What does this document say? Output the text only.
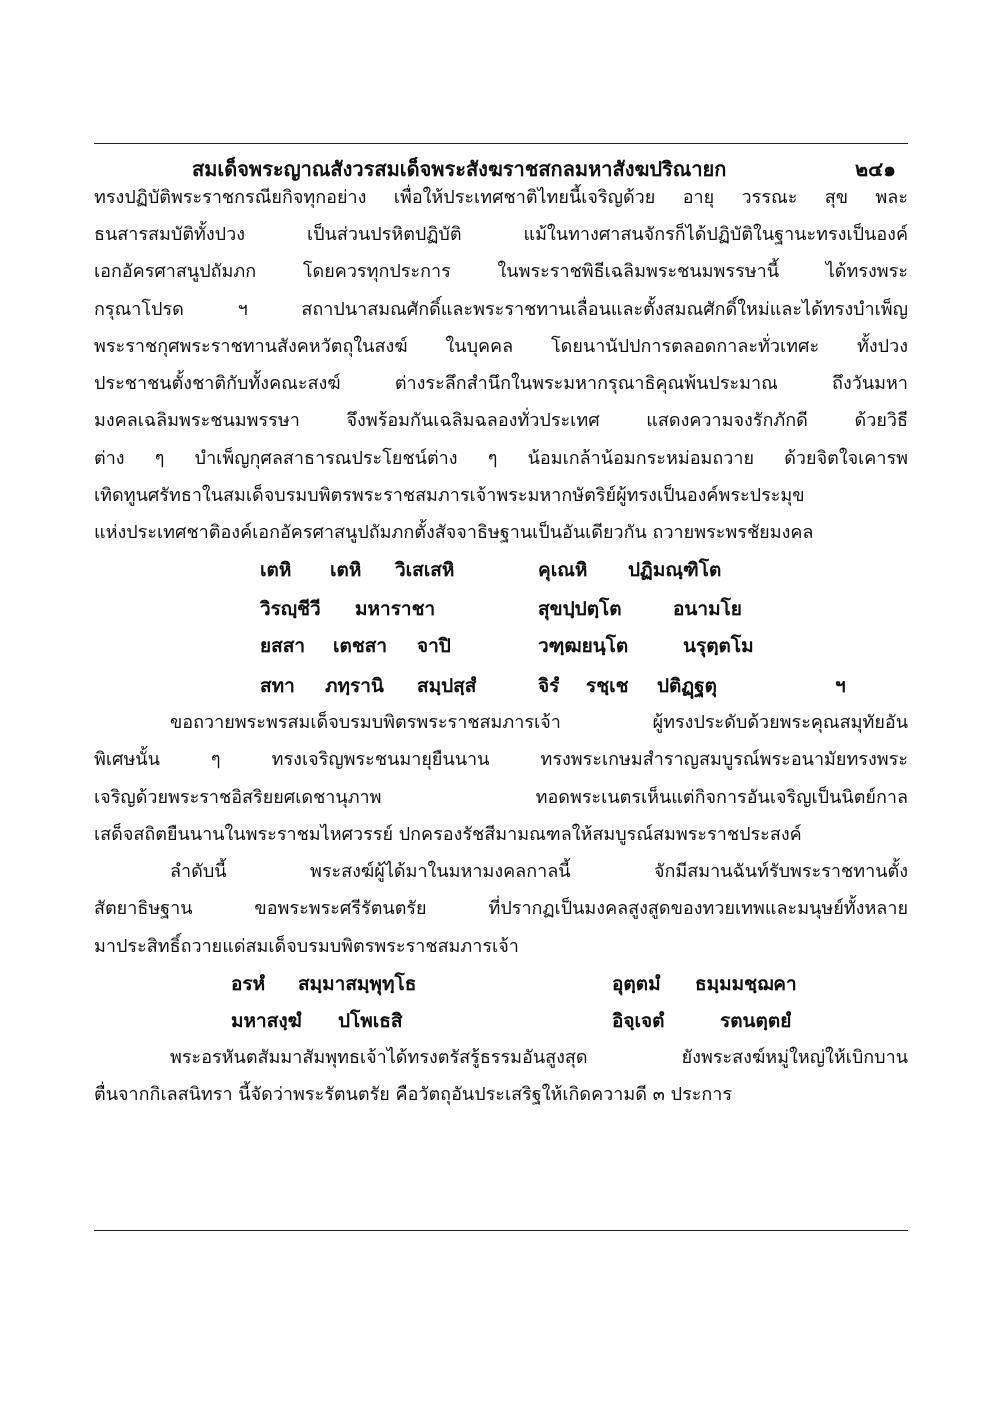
สมเด็จพระญาณสังวรสมเด็จพระสังฆราชสกลมหาสังฆปริณายก	๒๔๑
ทรงปฏิบัติพระราชกรณียกิจทุกอย่าง เพื่อให้ประเทศชาติไทยนี้เจริญด้วย อายุ วรรณะ สุข พละ
ธนสารสมบัติทั้งปวง เป็นส่วนปรหิตปฏิบัติ แม้ในทางศาสนจักรก็ได้ปฏิบัติในฐานะทรงเป็นองค์
เอกอัครศาสนูปถัมภก โดยควรทุกประการ ในพระราชพิธีเฉลิมพระชนมพรรษานี้ ได้ทรงพระ
กรุณาโปรด ฯ สถาปนาสมณศักดิ์และพระราชทานเลื่อนและตั้งสมณศักดิ์ใหม่และได้ทรงบำเพ็ญ
พระราชกุศพระราชทานสังคหวัตถุในสงฆ์ ในบุคคล โดยนานัปปการตลอดกาละทั่วเทศะ ทั้งปวง
ประชาชนตั้งชาติกับทั้งคณะสงฆ์ ต่างระลึกสำนึกในพระมหากรุณาธิคุณพ้นประมาณ ถึงวันมหา
มงคลเฉลิมพระชนมพรรษา จึงพร้อมกันเฉลิมฉลองทั่วประเทศ แสดงความจงรักภักดี ด้วยวิธี
ต่าง ๆ บำเพ็ญกุศลสาธารณประโยชน์ต่าง ๆ น้อมเกล้าน้อมกระหม่อมถวาย ด้วยจิตใจเคารพ
เทิดทูนศรัทธาในสมเด็จบรมบพิตรพระราชสมภารเจ้าพระมหากษัตริย์ผู้ทรงเป็นองค์พระประมุข
แห่งประเทศชาติองค์เอกอัครศาสนูปถัมภกตั้งสัจจาธิษฐานเป็นอันเดียวกัน ถวายพระพรชัยมงคล
เตหิ เตหิ วิเสเสหิ	คุเณหิ ปฏิมณฺฑิโต
วิรญฺชีวี มหาราชา	สุขปฺปตฺโต	อนามโย
ยสสา เตชสา จาปิ	วฑฺฒยนฺโต	นรุตฺตโม
สทา ภทฺรานิ สมฺปสฺสํ	จิรํ รชฺเช ปติฏฺฐตุ	ฯ
ขอถวายพระพรสมเด็จบรมบพิตรพระราชสมภารเจ้า ผู้ทรงประดับด้วยพระคุณสมุทัยอัน
พิเศษนั้น ๆ ทรงเจริญพระชนมายุยืนนาน ทรงพระเกษมสำราญสมบูรณ์พระอนามัยทรงพระ
เจริญด้วยพระราชอิสริยยศเดชานุภาพ ทอดพระเนตรเห็นแต่กิจการอันเจริญเป็นนิตย์กาล
เสด็จสถิตยืนนานในพระราชมไหศวรรย์ ปกครองรัชสีมามณฑลให้สมบูรณ์สมพระราชประสงค์
ลำดับนี้ พระสงฆ์ผู้ได้มาในมหามงคลกาลนี้ จักมีสมานฉันท์รับพระราชทานตั้ง
สัตยาธิษฐาน ขอพระพระศรีรัตนตรัย ที่ปรากฏเป็นมงคลสูงสูดของทวยเทพและมนุษย์ทั้งหลาย
มาประสิทธิ์ถวายแด่สมเด็จบรมบพิตรพระราชสมภารเจ้า
อรหํ สมฺมาสมฺพุทฺโธ	อุตฺตมํ ธมฺมมชฺฌคา
มหาสงฺฆํ ปโพเธสิ	อิจฺเจตํ	รตนตฺตยํ
พระอรหันตสัมมาสัมพุทธเจ้าได้ทรงตรัสรู้ธรรมอันสูงสุด ยังพระสงฆ์หมู่ใหญ่ให้เบิกบาน
ตื่นจากกิเลสนิทรา นี้จัดว่าพระรัตนตรัย คือวัตถุอันประเสริฐให้เกิดความดี ๓ ประการ
